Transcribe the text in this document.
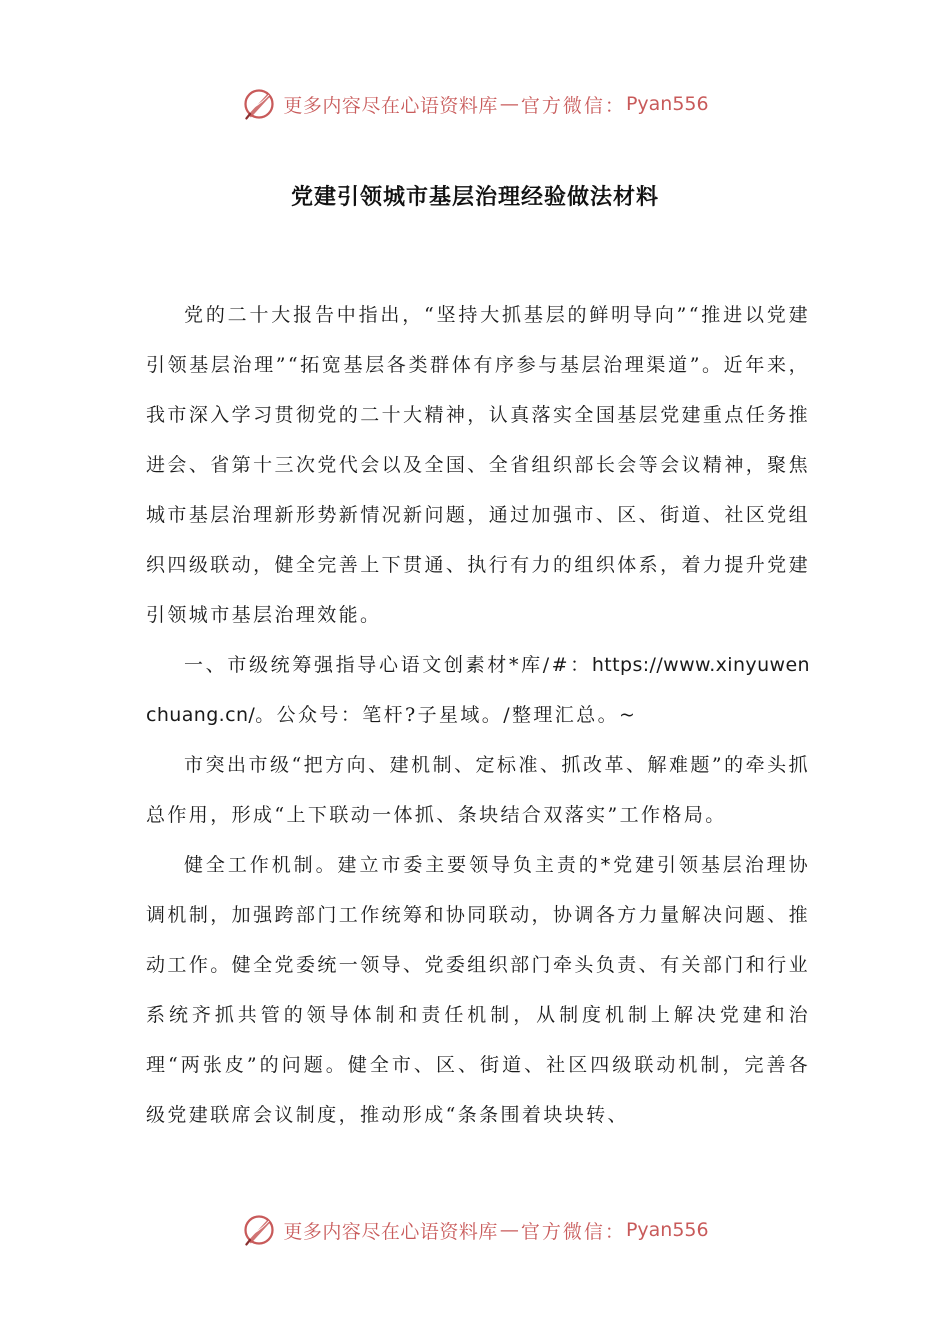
更多内容尽在心语资料库 — 官方微信： Pyan556
党建引领城市基层治理经验做法材料

党的二十大报告中指出，“坚持大抓基层的鲜明导向”“推进以党建引领基层治理”“拓宽基层各类群体有序参与基层治理渠道”。近年来，我市深入学习贯彻党的二十大精神，认真落实全国基层党建重点任务推进会、省第十三次党代会以及全国、全省组织部长会等会议精神，聚焦城市基层治理新形势新情况新问题，通过加强市、区、街道、社区党组织四级联动，健全完善上下贯通、执行有力的组织体系，着力提升党建引领城市基层治理效能。

一、市级统筹强指导心语文创素材*库/#：https://www.xinyuwenchuang.cn/。公众号：笔杆?子星域。/整理汇总。~

市突出市级“把方向、建机制、定标准、抓改革、解难题”的牵头抓总作用，形成“上下联动一体抓、条块结合双落实”工作格局。

健全工作机制。建立市委主要领导负主责的*党建引领基层治理协调机制，加强跨部门工作统筹和协同联动，协调各方力量解决问题、推动工作。健全党委统一领导、党委组织部门牵头负责、有关部门和行业系统齐抓共管的领导体制和责任机制，从制度机制上解决党建和治理“两张皮”的问题。健全市、区、街道、社区四级联动机制，完善各级党建联席会议制度，推动形成“条条围着块块转、

更多内容尽在心语资料库 — 官方微信： Pyan556
